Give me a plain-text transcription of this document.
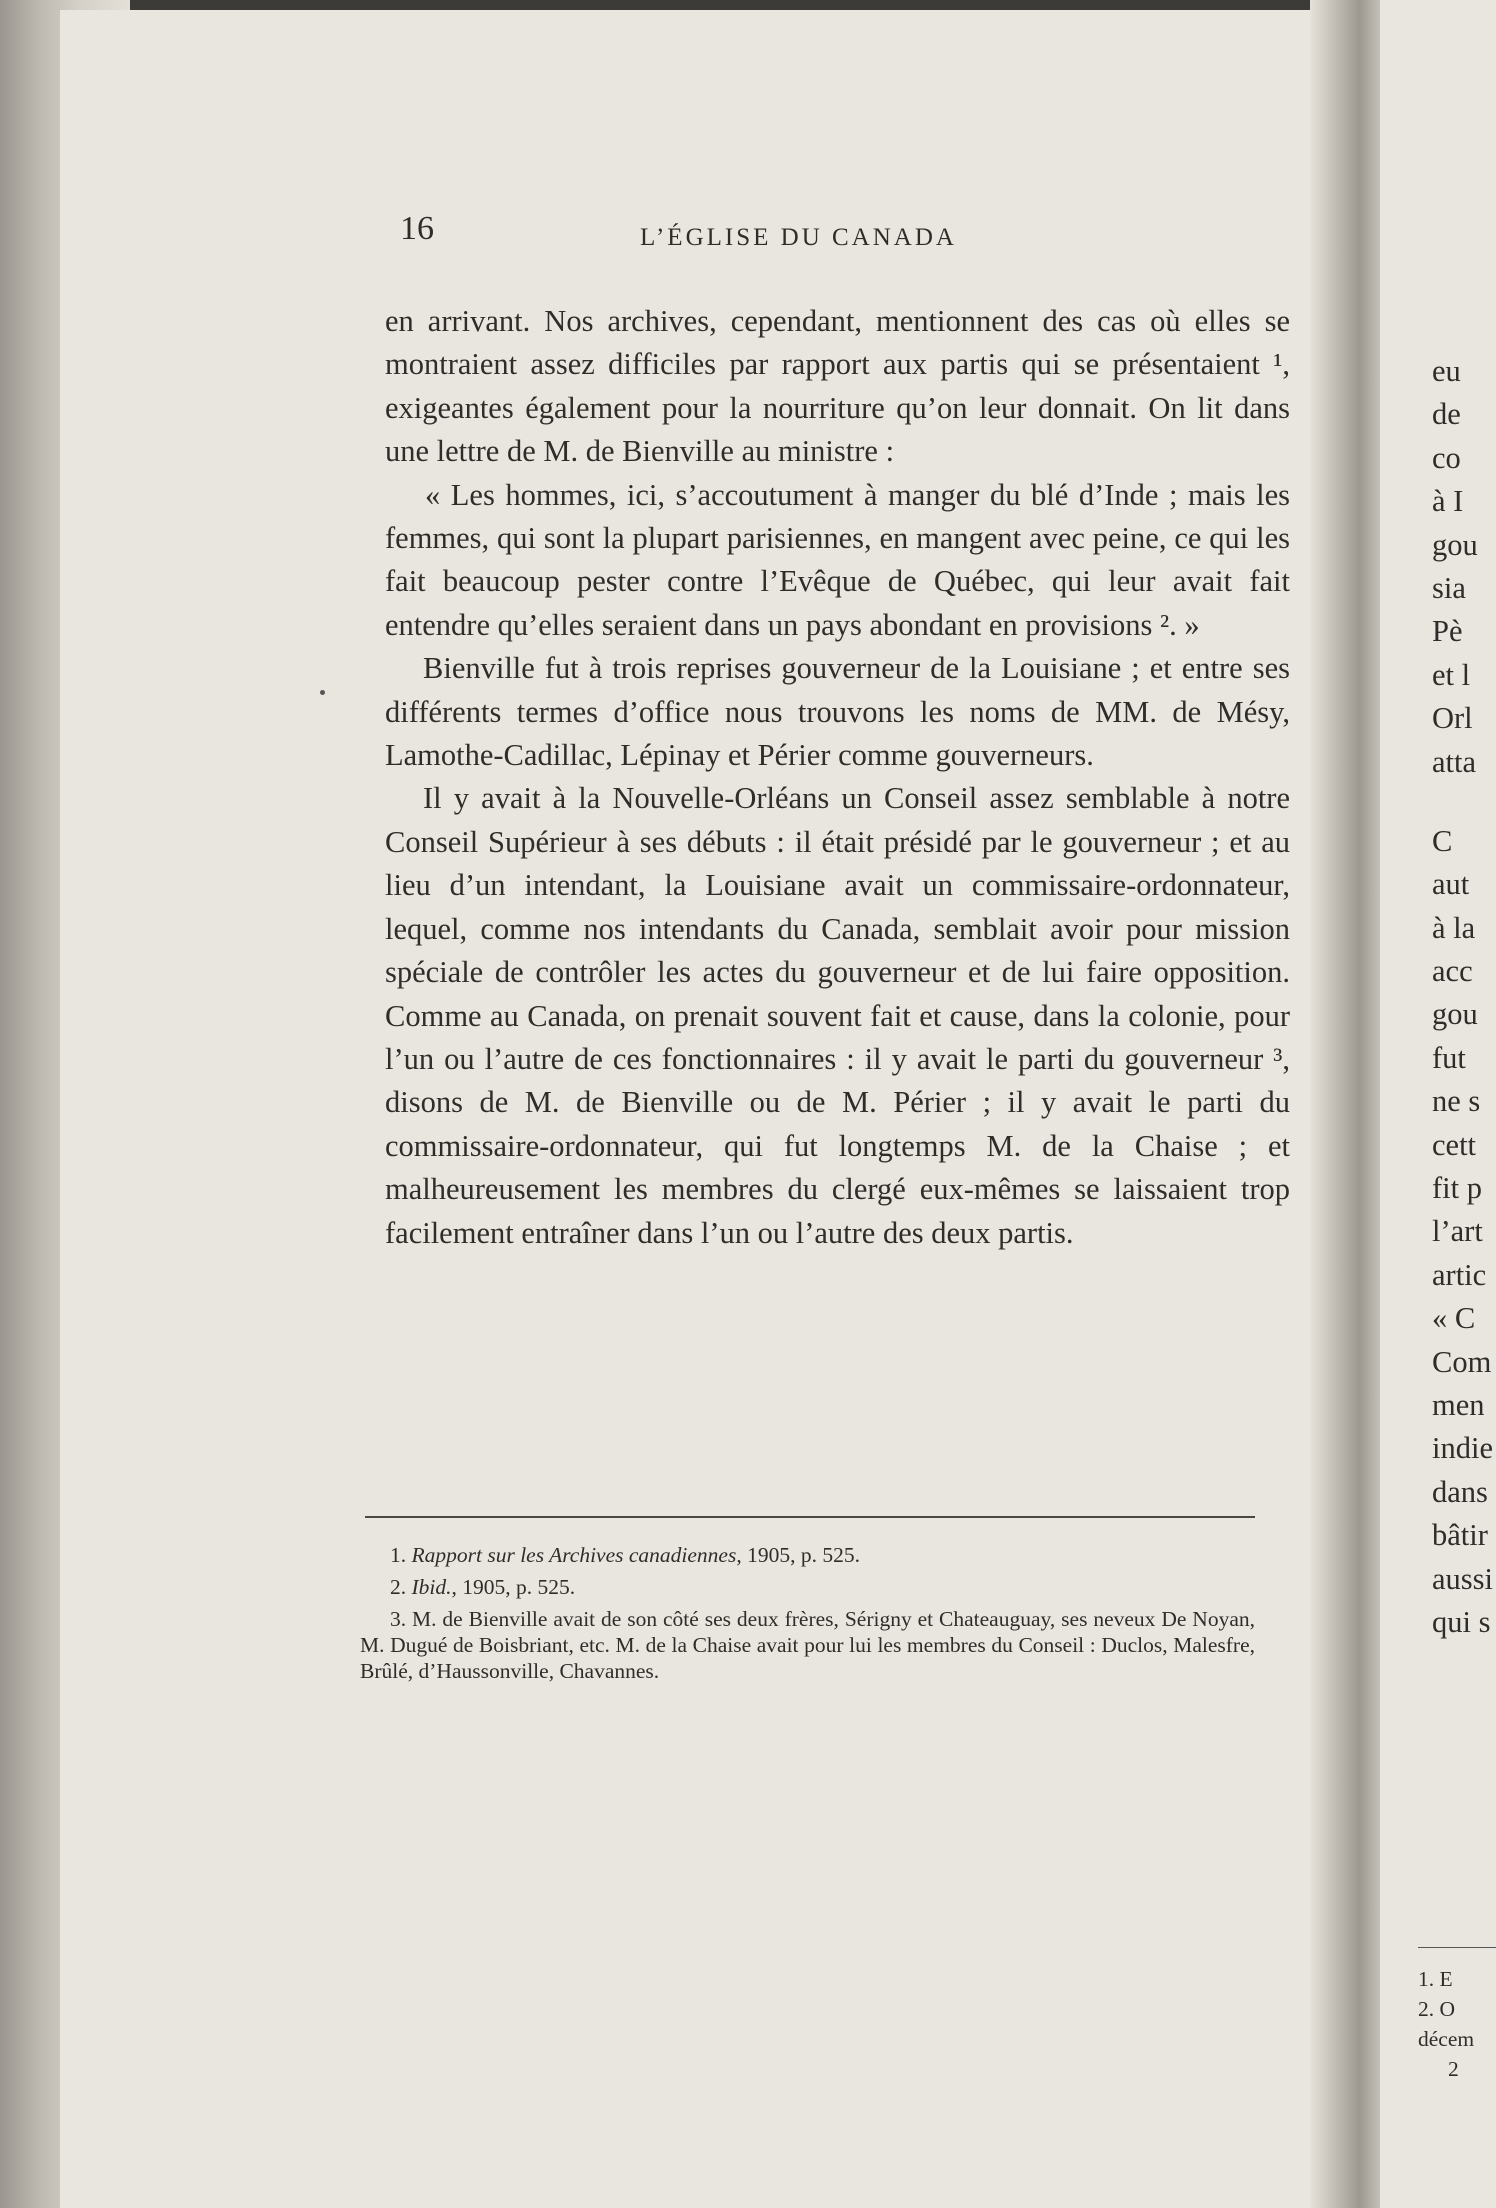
eu
de
co
à I
gou
sia
Pè
et l
Orl
atta
C
aut
à la
acc
gou
fut
ne s
cett
fit p
l’art
artic
« C
Com
men
indie
dans
bâtir
aussi
qui s
1. E
2. O
décem
2
16	L’ÉGLISE DU CANADA

en arrivant. Nos archives, cependant, mentionnent des cas où elles se montraient assez difficiles par rapport aux partis qui se présentaient ¹, exigeantes également pour la nourriture qu’on leur donnait. On lit dans une lettre de M. de Bienville au ministre :

« Les hommes, ici, s’accoutument à manger du blé d’Inde ; mais les femmes, qui sont la plupart parisiennes, en mangent avec peine, ce qui les fait beaucoup pester contre l’Evêque de Québec, qui leur avait fait entendre qu’elles seraient dans un pays abondant en provisions ². »

Bienville fut à trois reprises gouverneur de la Louisiane ; et entre ses différents termes d’office nous trouvons les noms de MM. de Mésy, Lamothe-Cadillac, Lépinay et Périer comme gouverneurs.

Il y avait à la Nouvelle-Orléans un Conseil assez semblable à notre Conseil Supérieur à ses débuts : il était présidé par le gouverneur ; et au lieu d’un intendant, la Louisiane avait un commissaire-ordonnateur, lequel, comme nos intendants du Canada, semblait avoir pour mission spéciale de contrôler les actes du gouverneur et de lui faire opposition. Comme au Canada, on prenait souvent fait et cause, dans la colonie, pour l’un ou l’autre de ces fonctionnaires : il y avait le parti du gouverneur ³, disons de M. de Bienville ou de M. Périer ; il y avait le parti du commissaire-ordonnateur, qui fut longtemps M. de la Chaise ; et malheureusement les membres du clergé eux-mêmes se laissaient trop facilement entraîner dans l’un ou l’autre des deux partis.

1. Rapport sur les Archives canadiennes, 1905, p. 525.

2. Ibid., 1905, p. 525.

3. M. de Bienville avait de son côté ses deux frères, Sérigny et Chateauguay, ses neveux De Noyan, M. Dugué de Boisbriant, etc. M. de la Chaise avait pour lui les membres du Conseil : Duclos, Malesfre, Brûlé, d’Haussonville, Chavannes.
